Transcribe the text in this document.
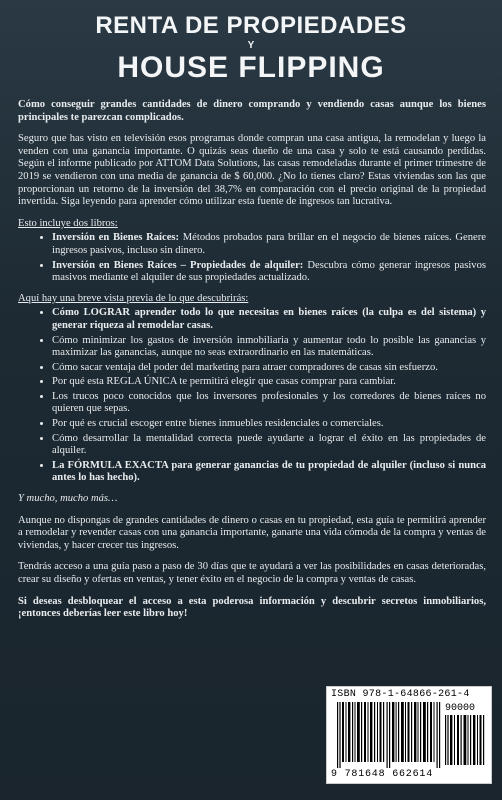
RENTA DE PROPIEDADES
Y
HOUSE FLIPPING

Cómo conseguir grandes cantidades de dinero comprando y vendiendo casas aunque los bienes principales te parezcan complicados.

Seguro que has visto en televisión esos programas donde compran una casa antigua, la remodelan y luego la venden con una ganancia importante. O quizás seas dueño de una casa y solo te está causando perdidas. Según el informe publicado por ATTOM Data Solutions, las casas remodeladas durante el primer trimestre de 2019 se vendieron con una media de ganancia de $ 60,000. ¿No lo tienes claro? Estas viviendas son las que proporcionan un retorno de la inversión del 38,7% en comparación con el precio original de la propiedad invertida. Siga leyendo para aprender cómo utilizar esta fuente de ingresos tan lucrativa.

Esto incluye dos libros:
• Inversión en Bienes Raíces: Métodos probados para brillar en el negocio de bienes raíces. Genere ingresos pasivos, incluso sin dinero.
• Inversión en Bienes Raíces – Propiedades de alquiler: Descubra cómo generar ingresos pasivos masivos mediante el alquiler de sus propiedades actualizado.
Aquí hay una breve vista previa de lo que descubrirás:
• Cómo LOGRAR aprender todo lo que necesitas en bienes raíces (la culpa es del sistema) y generar riqueza al remodelar casas.
• Cómo minimizar los gastos de inversión inmobiliaria y aumentar todo lo posible las ganancias y maximizar las ganancias, aunque no seas extraordinario en las matemáticas.
• Cómo sacar ventaja del poder del marketing para atraer compradores de casas sin esfuerzo.
• Por qué esta REGLA ÚNICA te permitirá elegir que casas comprar para cambiar.
• Los trucos poco conocidos que los inversores profesionales y los corredores de bienes raíces no quieren que sepas.
• Por qué es crucial escoger entre bienes inmuebles residenciales o comerciales.
• Cómo desarrollar la mentalidad correcta puede ayudarte a lograr el éxito en las propiedades de alquiler.
• La FÓRMULA EXACTA para generar ganancias de tu propiedad de alquiler (incluso si nunca antes lo has hecho).

Y mucho, mucho más…

Aunque no dispongas de grandes cantidades de dinero o casas en tu propiedad, esta guía te permitirá aprender a remodelar y revender casas con una ganancia importante, ganarte una vida cómoda de la compra y ventas de viviendas, y hacer crecer tus ingresos.

Tendrás acceso a una guía paso a paso de 30 días que te ayudará a ver las posibilidades en casas deterioradas, crear su diseño y ofertas en ventas, y tener éxito en el negocio de la compra y ventas de casas.

Si deseas desbloquear el acceso a esta poderosa información y descubrir secretos inmobiliarios, ¡entonces deberías leer este libro hoy!

ISBN 978-1-64866-261-4
90000
9 781648 662614
